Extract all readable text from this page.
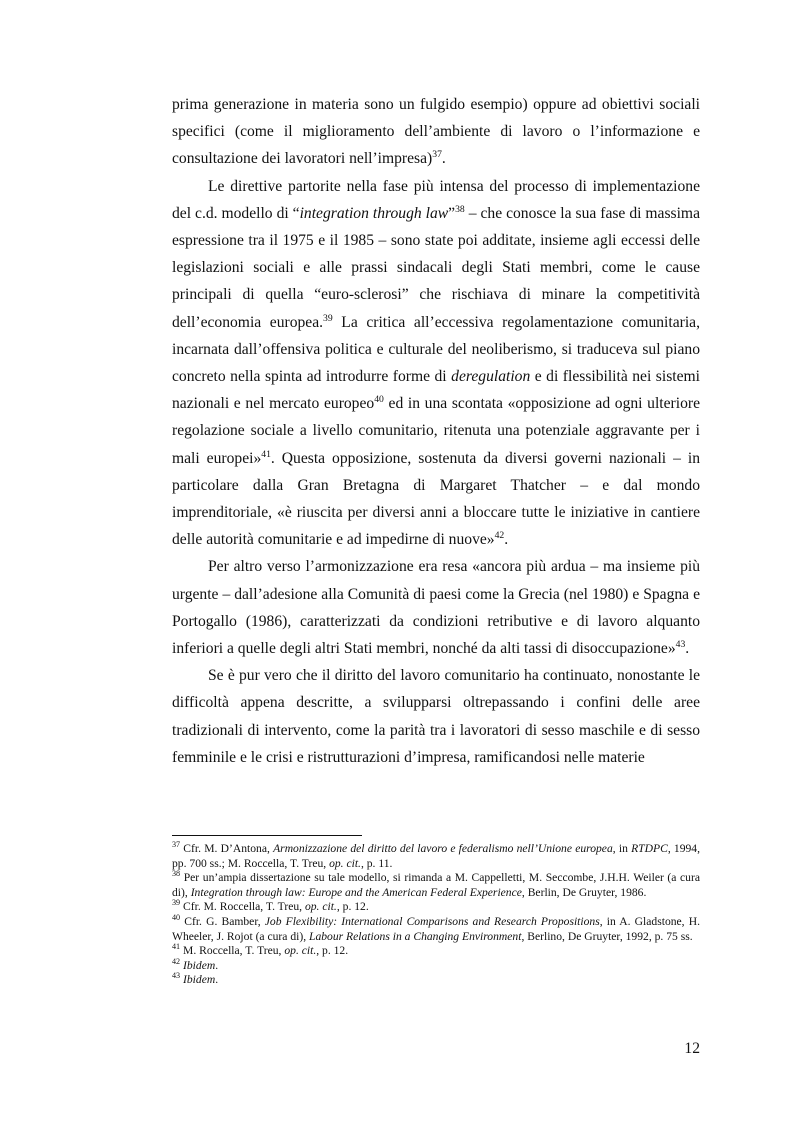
prima generazione in materia sono un fulgido esempio) oppure ad obiettivi sociali specifici (come il miglioramento dell’ambiente di lavoro o l’informazione e consultazione dei lavoratori nell’impresa)$^{37}$.

Le direttive partorite nella fase più intensa del processo di implementazione del c.d. modello di “integration through law”$^{38}$ – che conosce la sua fase di massima espressione tra il 1975 e il 1985 – sono state poi additate, insieme agli eccessi delle legislazioni sociali e alle prassi sindacali degli Stati membri, come le cause principali di quella “euro-sclerosi” che rischiava di minare la competitività dell’economia europea.$^{39}$ La critica all’eccessiva regolamentazione comunitaria, incarnata dall’offensiva politica e culturale del neoliberismo, si traduceva sul piano concreto nella spinta ad introdurre forme di deregulation e di flessibilità nei sistemi nazionali e nel mercato europeo$^{40}$ ed in una scontata «opposizione ad ogni ulteriore regolazione sociale a livello comunitario, ritenuta una potenziale aggravante per i mali europei»$^{41}$. Questa opposizione, sostenuta da diversi governi nazionali – in particolare dalla Gran Bretagna di Margaret Thatcher – e dal mondo imprenditoriale, «è riuscita per diversi anni a bloccare tutte le iniziative in cantiere delle autorità comunitarie e ad impedirne di nuove»$^{42}$.

Per altro verso l’armonizzazione era resa «ancora più ardua – ma insieme più urgente – dall’adesione alla Comunità di paesi come la Grecia (nel 1980) e Spagna e Portogallo (1986), caratterizzati da condizioni retributive e di lavoro alquanto inferiori a quelle degli altri Stati membri, nonché da alti tassi di disoccupazione»$^{43}$.

Se è pur vero che il diritto del lavoro comunitario ha continuato, nonostante le difficoltà appena descritte, a svilupparsi oltrepassando i confini delle aree tradizionali di intervento, come la parità tra i lavoratori di sesso maschile e di sesso femminile e le crisi e ristrutturazioni d’impresa, ramificandosi nelle materie

$^{37}$ Cfr. M. D’Antona, Armonizzazione del diritto del lavoro e federalismo nell’Unione europea, in RTDPC, 1994, pp. 700 ss.; M. Roccella, T. Treu, op. cit., p. 11.

$^{38}$ Per un’ampia dissertazione su tale modello, si rimanda a M. Cappelletti, M. Seccombe, J.H.H. Weiler (a cura di), Integration through law: Europe and the American Federal Experience, Berlin, De Gruyter, 1986.

$^{39}$ Cfr. M. Roccella, T. Treu, op. cit., p. 12.

$^{40}$ Cfr. G. Bamber, Job Flexibility: International Comparisons and Research Propositions, in A. Gladstone, H. Wheeler, J. Rojot (a cura di), Labour Relations in a Changing Environment, Berlino, De Gruyter, 1992, p. 75 ss.

$^{41}$ M. Roccella, T. Treu, op. cit., p. 12.

$^{42}$ Ibidem.

$^{43}$ Ibidem.

12
